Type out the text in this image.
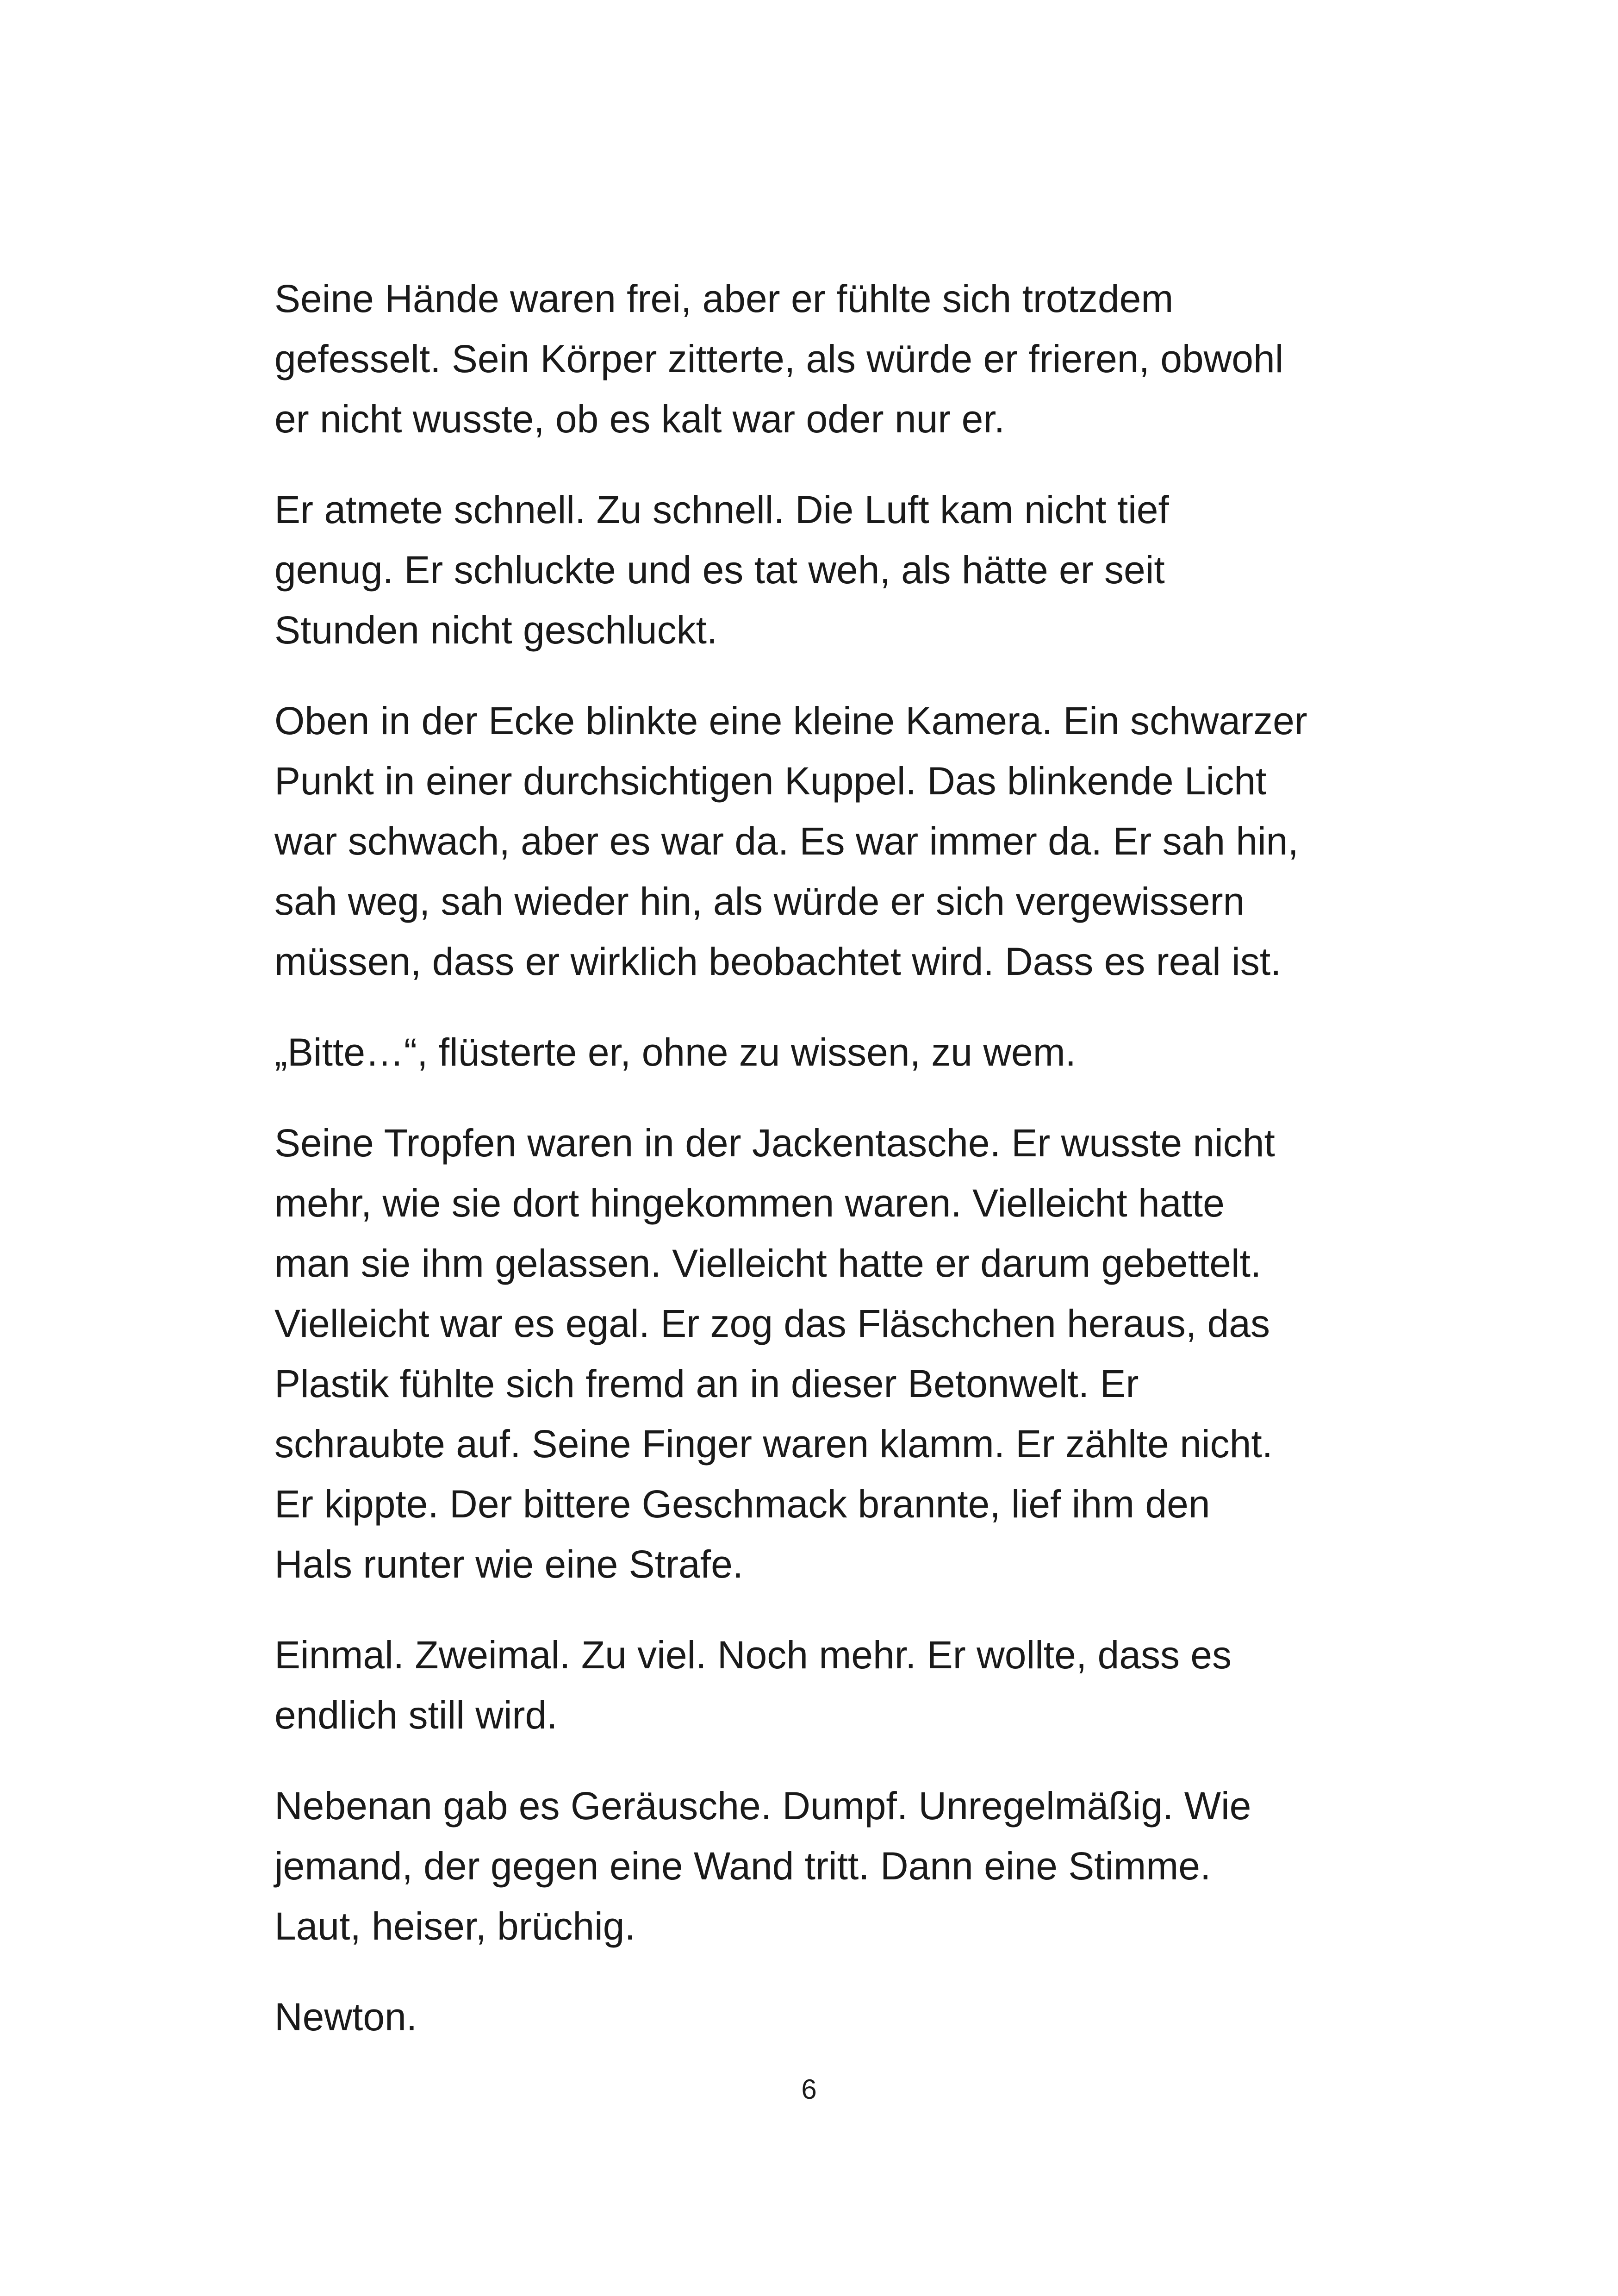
Seine Hände waren frei, aber er fühlte sich trotzdem
gefesselt. Sein Körper zitterte, als würde er frieren, obwohl
er nicht wusste, ob es kalt war oder nur er.

Er atmete schnell. Zu schnell. Die Luft kam nicht tief
genug. Er schluckte und es tat weh, als hätte er seit
Stunden nicht geschluckt.

Oben in der Ecke blinkte eine kleine Kamera. Ein schwarzer
Punkt in einer durchsichtigen Kuppel. Das blinkende Licht
war schwach, aber es war da. Es war immer da. Er sah hin,
sah weg, sah wieder hin, als würde er sich vergewissern
müssen, dass er wirklich beobachtet wird. Dass es real ist.

„Bitte…“, flüsterte er, ohne zu wissen, zu wem.

Seine Tropfen waren in der Jackentasche. Er wusste nicht
mehr, wie sie dort hingekommen waren. Vielleicht hatte
man sie ihm gelassen. Vielleicht hatte er darum gebettelt.
Vielleicht war es egal. Er zog das Fläschchen heraus, das
Plastik fühlte sich fremd an in dieser Betonwelt. Er
schraubte auf. Seine Finger waren klamm. Er zählte nicht.
Er kippte. Der bittere Geschmack brannte, lief ihm den
Hals runter wie eine Strafe.

Einmal. Zweimal. Zu viel. Noch mehr. Er wollte, dass es
endlich still wird.

Nebenan gab es Geräusche. Dumpf. Unregelmäßig. Wie
jemand, der gegen eine Wand tritt. Dann eine Stimme.
Laut, heiser, brüchig.

Newton.

6
